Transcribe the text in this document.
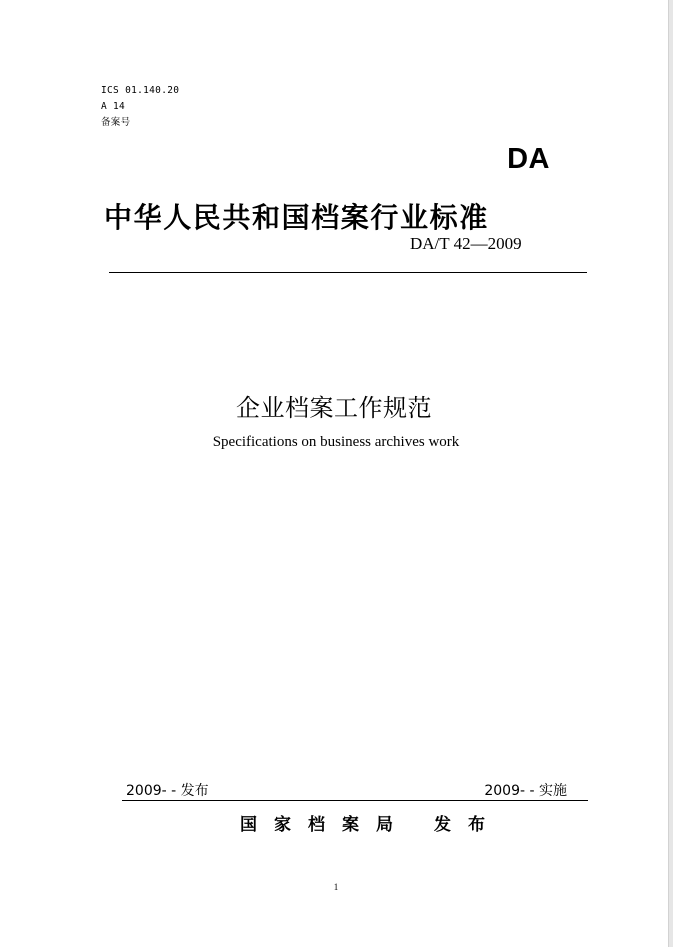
ICS 01.140.20
A 14
备案号
DA
中华人民共和国档案行业标准
DA/T 42—2009
企业档案工作规范
Specifications on business archives work
2009- - 发布	2009- - 实施
国家档案局 发布
1
